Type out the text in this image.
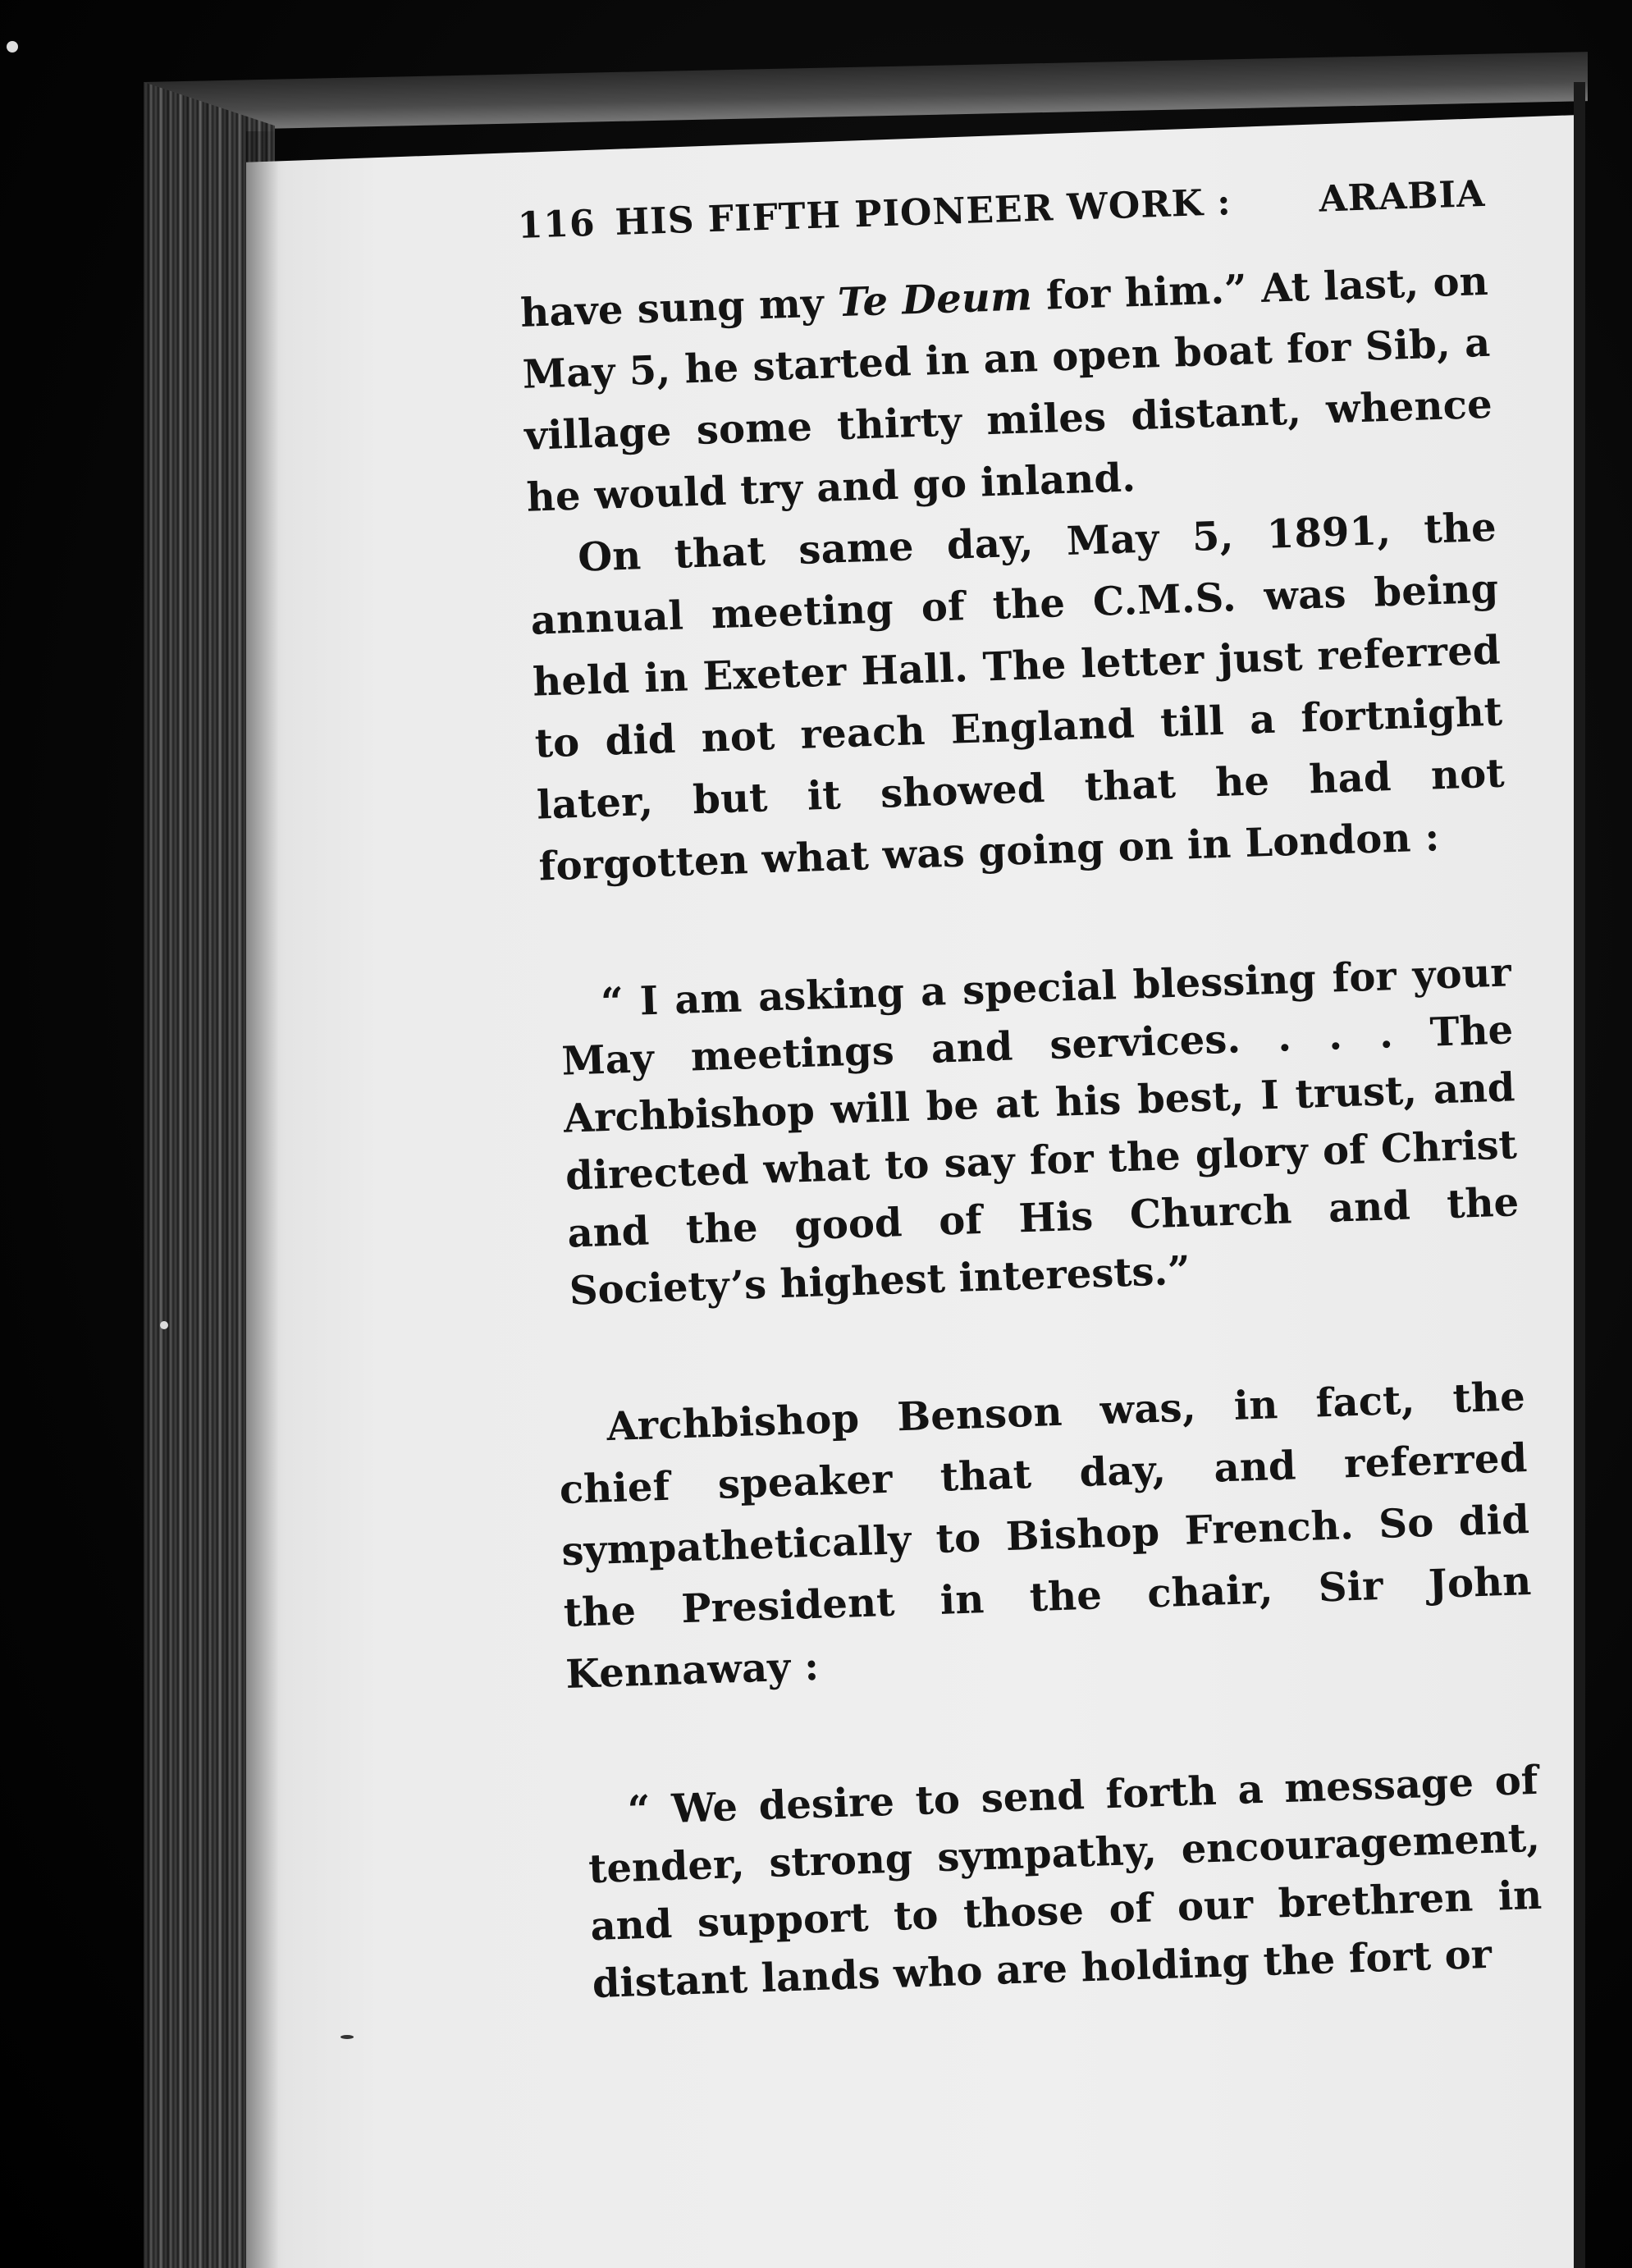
116 HIS FIFTH PIONEER WORK :	ARABIA

have sung my Te Deum for him.” At last, on May 5, he started in an open boat for Sib, a village some thirty miles distant, whence he would try and go inland.

On that same day, May 5, 1891, the annual meeting of the C.M.S. was being held in Exeter Hall. The letter just referred to did not reach England till a fortnight later, but it showed that he had not forgotten what was going on in London :

“ I am asking a special blessing for your May meetings and services. . . . The Archbishop will be at his best, I trust, and directed what to say for the glory of Christ and the good of His Church and the Society’s highest interests.”

Archbishop Benson was, in fact, the chief speaker that day, and referred sympathetically to Bishop French. So did the President in the chair, Sir John Kennaway :

“ We desire to send forth a message of tender, strong sympathy, encouragement, and support to those of our brethren in distant lands who are holding the fort or
